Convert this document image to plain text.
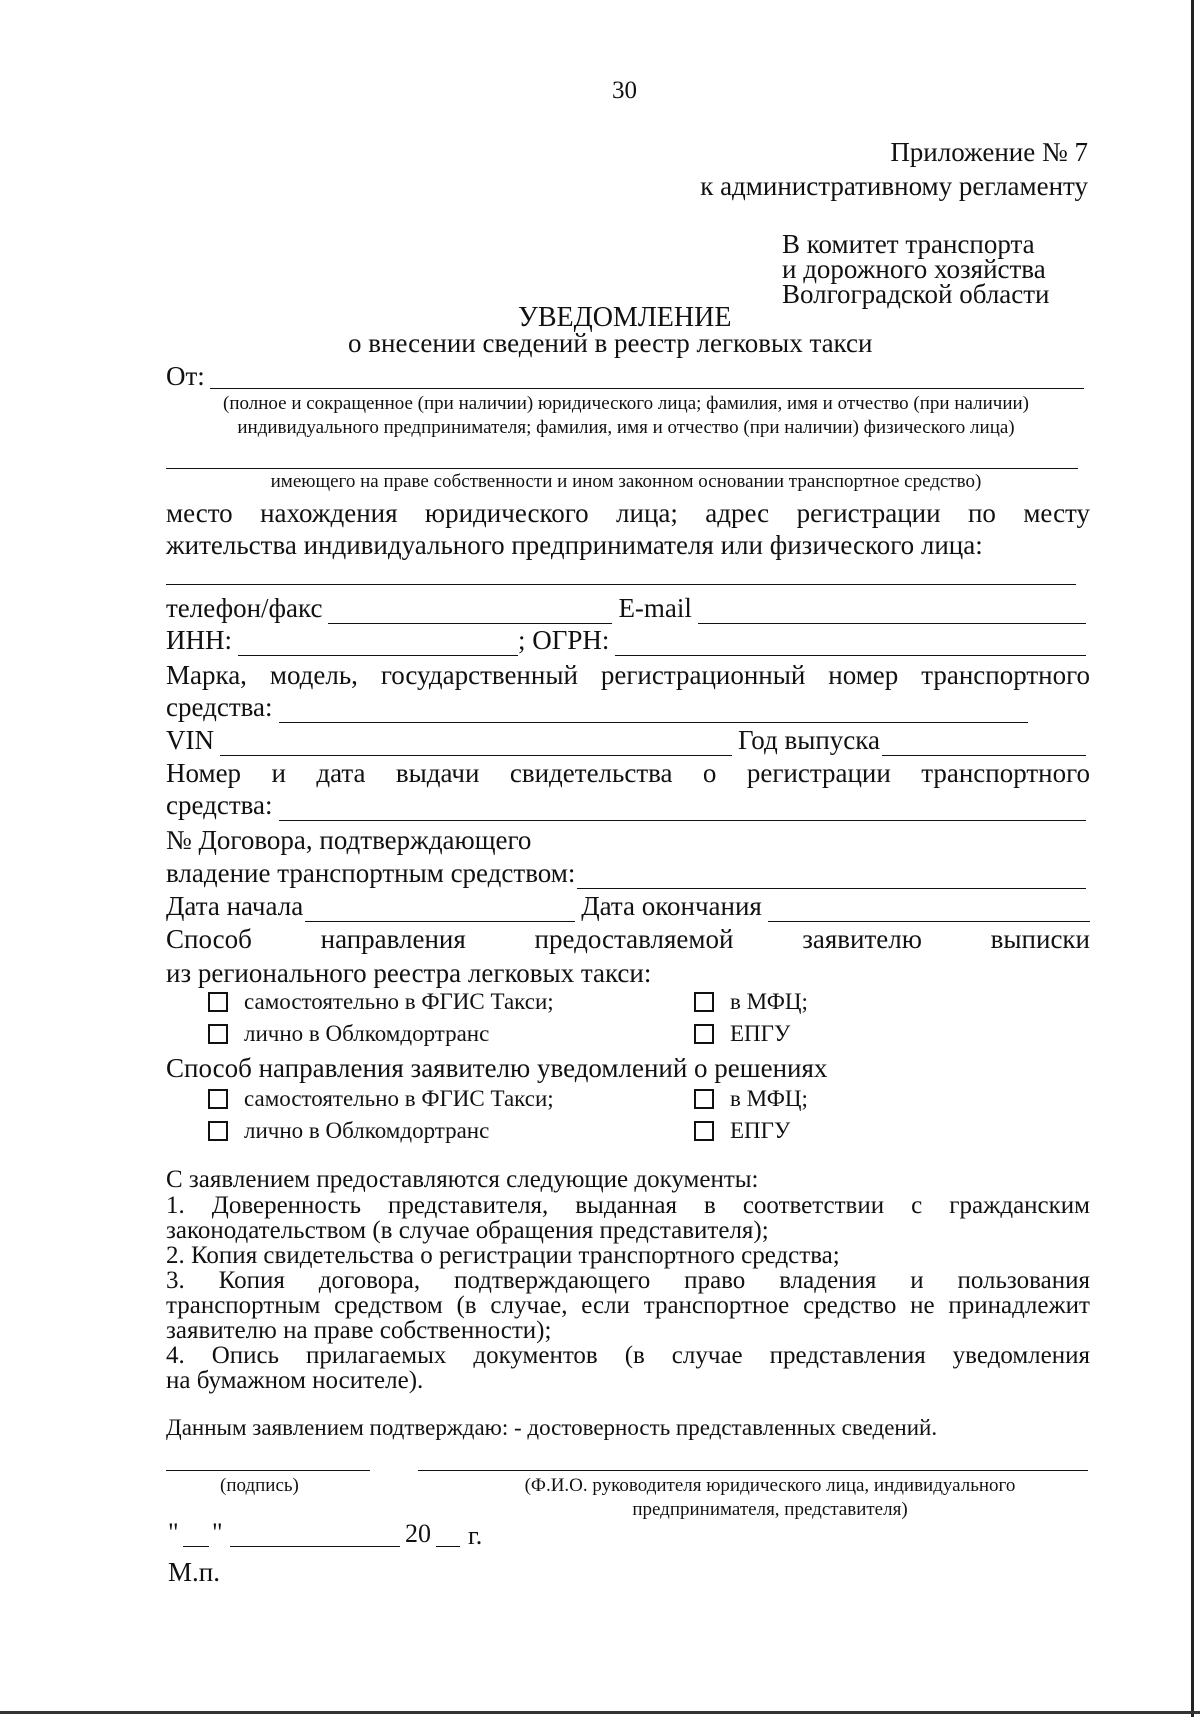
30
Приложение № 7
к административному регламенту
В комитет транспорта
и дорожного хозяйства
Волгоградской области
УВЕДОМЛЕНИЕ
о внесении сведений в реестр легковых такси
От:
(полное и сокращенное (при наличии) юридического лица; фамилия, имя и отчество (при наличии)
индивидуального предпринимателя; фамилия, имя и отчество (при наличии) физического лица)
имеющего на праве собственности и ином законном основании транспортное средство)
место нахождения юридического лица; адрес регистрации по месту
жительства индивидуального предпринимателя или физического лица:
телефон/факс	E-mail
ИНН:	; ОГРН:
Марка, модель, государственный регистрационный номер транспортного
средства:
VIN	Год выпуска
Номер и дата выдачи свидетельства о регистрации транспортного
средства:
№ Договора, подтверждающего
владение транспортным средством:
Дата начала	Дата окончания
Способ направления предоставляемой заявителю выписки
из регионального реестра легковых такси:
самостоятельно в ФГИС Такси;	в МФЦ;
лично в Облкомдортранс	ЕПГУ
Способ направления заявителю уведомлений о решениях
самостоятельно в ФГИС Такси;	в МФЦ;
лично в Облкомдортранс	ЕПГУ
С заявлением предоставляются следующие документы:
1. Доверенность представителя, выданная в соответствии с гражданским
законодательством (в случае обращения представителя);
2. Копия свидетельства о регистрации транспортного средства;
3. Копия договора, подтверждающего право владения и пользования
транспортным средством (в случае, если транспортное средство не принадлежит
заявителю на праве собственности);
4. Опись прилагаемых документов (в случае представления уведомления
на бумажном носителе).
Данным заявлением подтверждаю: - достоверность представленных сведений.
(подпись)	(Ф.И.О. руководителя юридического лица, индивидуального
предпринимателя, представителя)
" "	20 г.
М.п.
